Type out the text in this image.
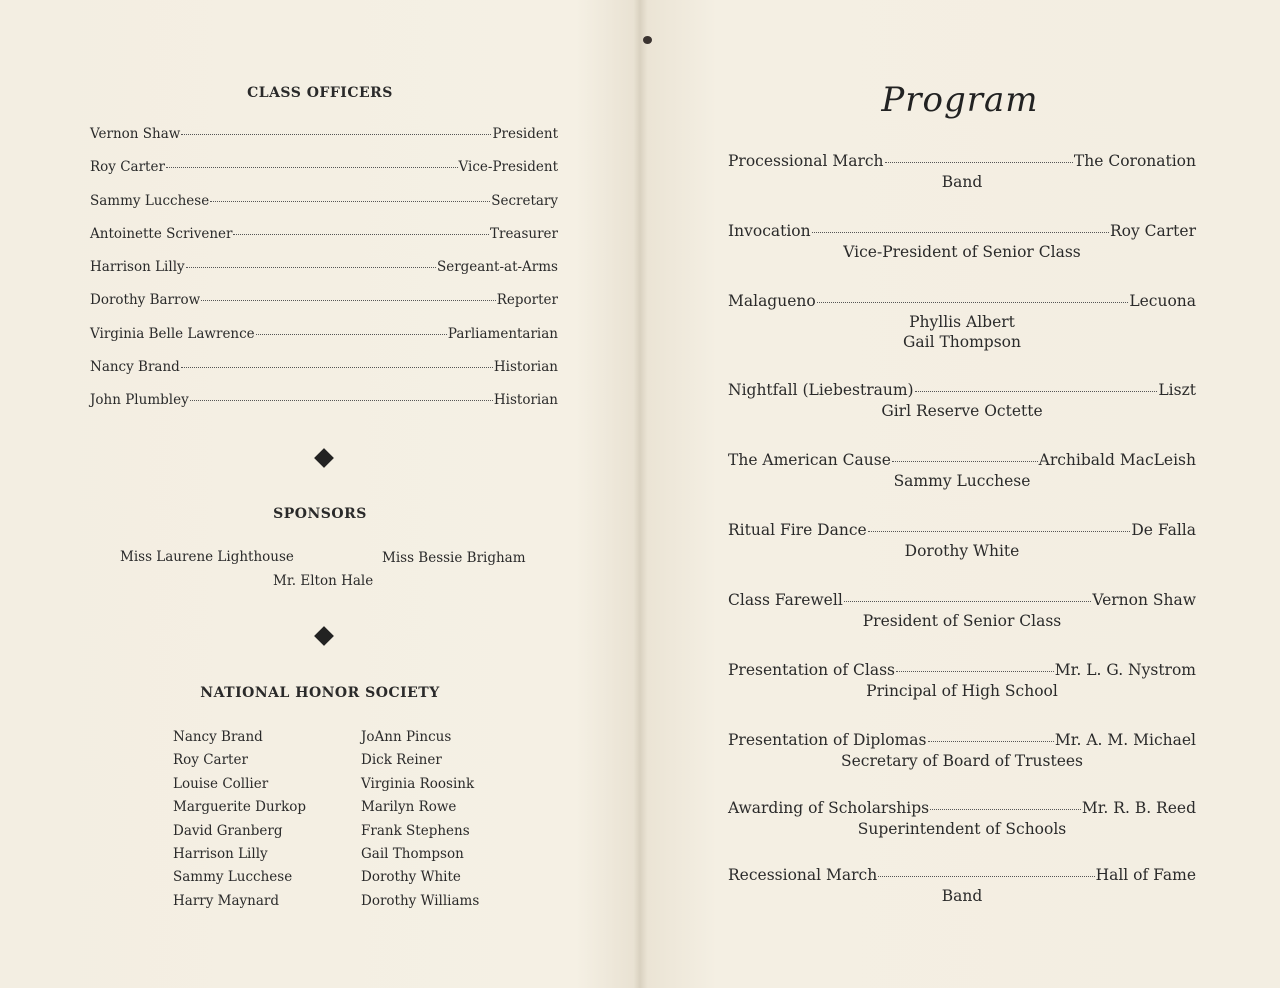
CLASS OFFICERS
Vernon Shaw	President
Roy Carter	Vice-President
Sammy Lucchese	Secretary
Antoinette Scrivener	Treasurer
Harrison Lilly	Sergeant-at-Arms
Dorothy Barrow	Reporter
Virginia Belle Lawrence	Parliamentarian
Nancy Brand	Historian
John Plumbley	Historian
SPONSORS
Miss Laurene Lighthouse	Miss Bessie Brigham
Mr. Elton Hale
NATIONAL HONOR SOCIETY
Nancy Brand
Roy Carter
Louise Collier
Marguerite Durkop
David Granberg
Harrison Lilly
Sammy Lucchese
Harry Maynard
JoAnn Pincus
Dick Reiner
Virginia Roosink
Marilyn Rowe
Frank Stephens
Gail Thompson
Dorothy White
Dorothy Williams
Program
Processional March	The Coronation
Band
Invocation	Roy Carter
Vice-President of Senior Class
Malagueno	Lecuona
Phyllis Albert
Gail Thompson
Nightfall (Liebestraum)	Liszt
Girl Reserve Octette
The American Cause	Archibald MacLeish
Sammy Lucchese
Ritual Fire Dance	De Falla
Dorothy White
Class Farewell	Vernon Shaw
President of Senior Class
Presentation of Class	Mr. L. G. Nystrom
Principal of High School
Presentation of Diplomas	Mr. A. M. Michael
Secretary of Board of Trustees
Awarding of Scholarships	Mr. R. B. Reed
Superintendent of Schools
Recessional March	Hall of Fame
Band
